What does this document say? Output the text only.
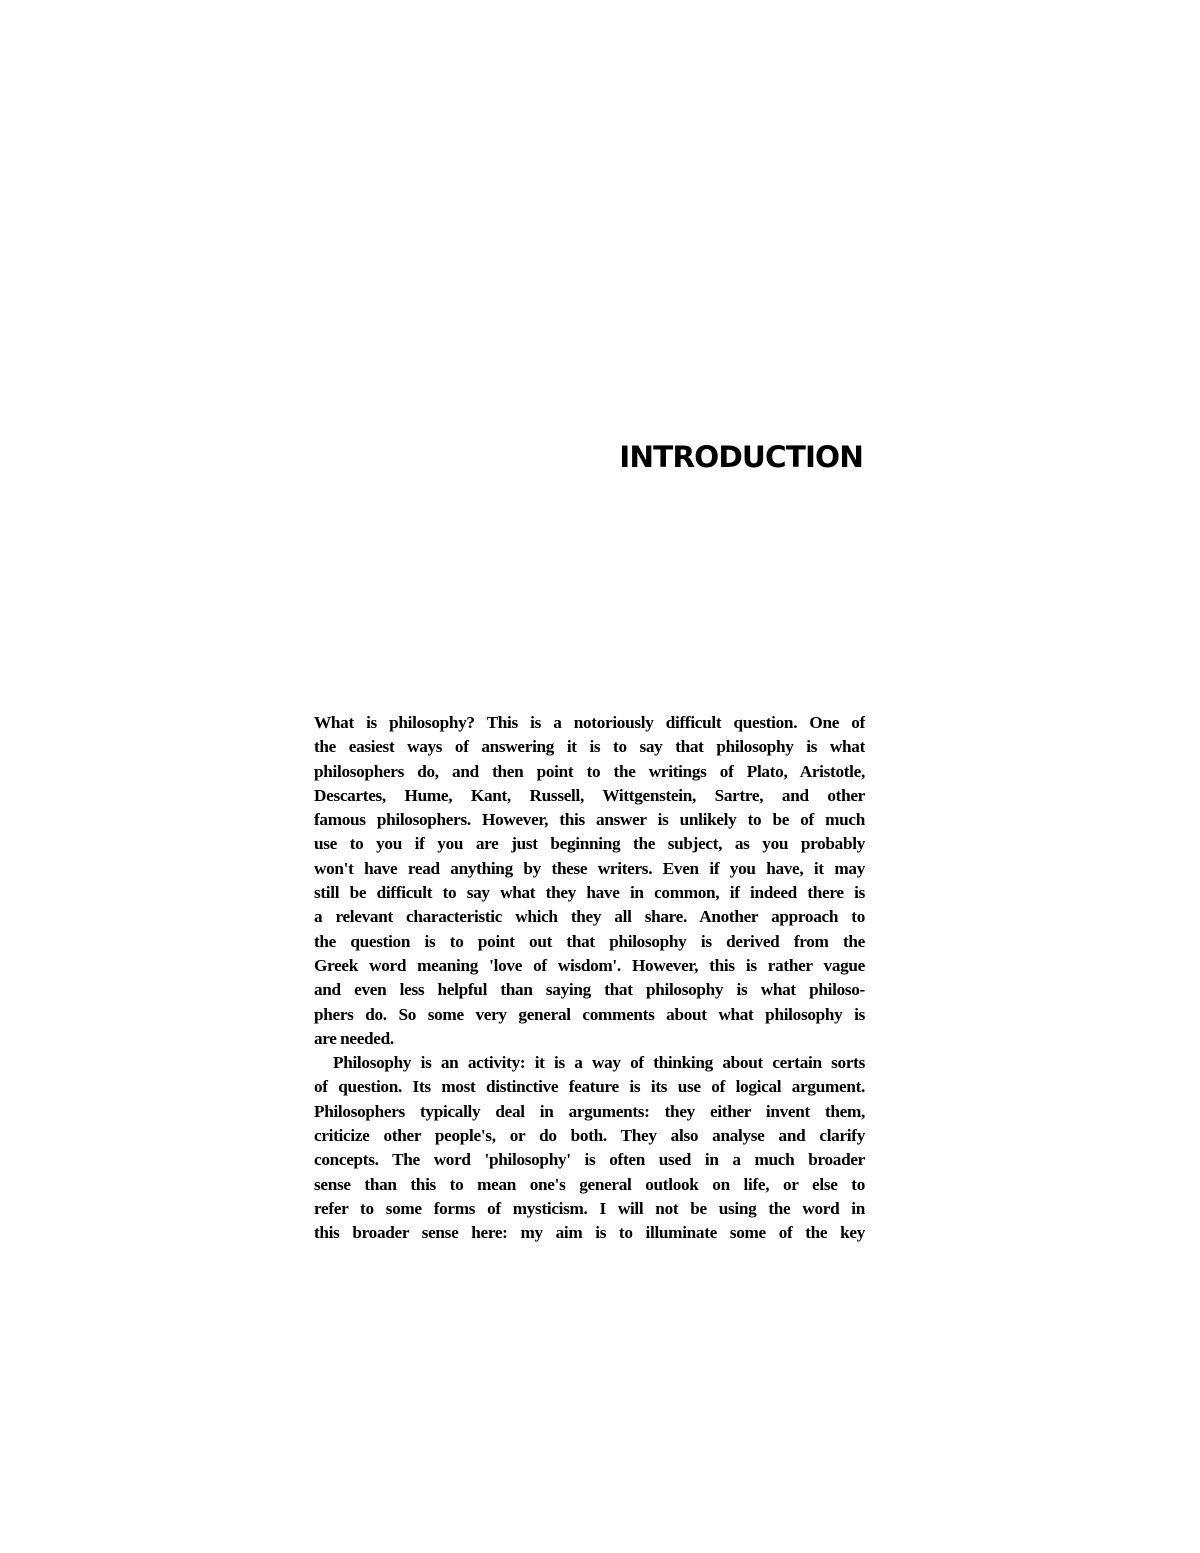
INTRODUCTION

What is philosophy? This is a notoriously difficult question. One of
the easiest ways of answering it is to say that philosophy is what
philosophers do, and then point to the writings of Plato, Aristotle,
Descartes, Hume, Kant, Russell, Wittgenstein, Sartre, and other
famous philosophers. However, this answer is unlikely to be of much
use to you if you are just beginning the subject, as you probably
won't have read anything by these writers. Even if you have, it may
still be difficult to say what they have in common, if indeed there is
a relevant characteristic which they all share. Another approach to
the question is to point out that philosophy is derived from the
Greek word meaning 'love of wisdom'. However, this is rather vague
and even less helpful than saying that philosophy is what philoso-
phers do. So some very general comments about what philosophy is
are needed.

Philosophy is an activity: it is a way of thinking about certain sorts
of question. Its most distinctive feature is its use of logical argument.
Philosophers typically deal in arguments: they either invent them,
criticize other people's, or do both. They also analyse and clarify
concepts. The word 'philosophy' is often used in a much broader
sense than this to mean one's general outlook on life, or else to
refer to some forms of mysticism. I will not be using the word in
this broader sense here: my aim is to illuminate some of the key
